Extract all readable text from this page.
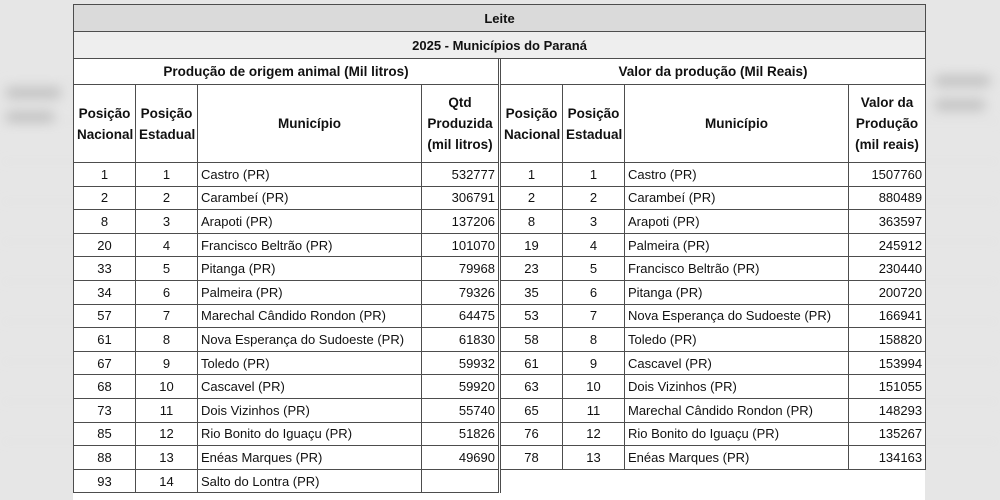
Leite								
2025 - Municípios do Paraná								
Produção de origem animal (Mil litros)					Valor da produção (Mil Reais)			
Posição
Nacional	Posição
Estadual	Município	Qtd
Produzida
(mil litros)		Posição
Nacional	Posição
Estadual	Município	Valor da
Produção
(mil reais)
1	1	Castro (PR)	532777		1	1	Castro (PR)	1507760
2	2	Carambeí (PR)	306791		2	2	Carambeí (PR)	880489
8	3	Arapoti (PR)	137206		8	3	Arapoti (PR)	363597
20	4	Francisco Beltrão (PR)	101070		19	4	Palmeira (PR)	245912
33	5	Pitanga (PR)	79968		23	5	Francisco Beltrão (PR)	230440
34	6	Palmeira (PR)	79326		35	6	Pitanga (PR)	200720
57	7	Marechal Cândido Rondon (PR)	64475		53	7	Nova Esperança do Sudoeste (PR)	166941
61	8	Nova Esperança do Sudoeste (PR)	61830		58	8	Toledo (PR)	158820
67	9	Toledo (PR)	59932		61	9	Cascavel (PR)	153994
68	10	Cascavel (PR)	59920		63	10	Dois Vizinhos (PR)	151055
73	11	Dois Vizinhos (PR)	55740		65	11	Marechal Cândido Rondon (PR)	148293
85	12	Rio Bonito do Iguaçu (PR)	51826		76	12	Rio Bonito do Iguaçu (PR)	135267
88	13	Enéas Marques (PR)	49690		78	13	Enéas Marques (PR)	134163
93	14	Salto do Lontra (PR)						
